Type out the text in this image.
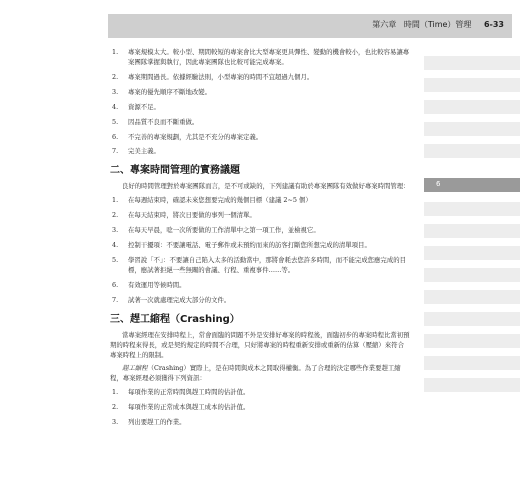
第六章 時間（Time）管理 6-33
6
1. 專案規模太大。較小型、期間較短的專案會比大型專案更具彈性、變動的機會較小，也比較容易讓專案團隊掌握與執行，因此專案團隊也比較可能完成專案。
2. 專案期間過長。依據經驗法則，小型專案的時間不宜超過九個月。
3. 專案的優先順序不斷地改變。
4. 資源不足。
5. 因品質不良而不斷重做。
6. 不完善的專案規劃，尤其是不充分的專案定義。
7. 完美主義。
二、專案時間管理的實務議題

良好的時間管理對於專案團隊而言，是不可或缺的，下列建議有助於專案團隊有效做好專案時間管理：

1. 在每週結束時，確認未來您想要完成的幾個目標（建議 2~5 個）
2. 在每天結束時，將次日要做的事列一個清單。
3. 在每天早晨，唸一次所要做的工作清單中之第一項工作，並檢視它。
4. 控制干擾項：不要讓電話、電子郵件或未預約而來的訪客打斷您所想完成的清單項目。
5. 學習說「不」：不要讓自己陷入太多的活動當中，那將會耗去您許多時間，而不能完成您應完成的目標，應試著拒絕一些無關的會議、行程、重複事件……等。
6. 有效運用等候時間。
7. 試著一次就處理完成大部分的文件。
三、趕工縮程（Crashing）

當專案經理在安排時程上，常會面臨的問題不外是安排好專案的時程後，面臨初步的專案時程比當初預期的時程來得長，或是契約規定的時間不合理，只好將專案的時程重新安排或重新的估算（壓縮）來符合專案時程上的限制。

趕工縮程（Crashing）實際上，是在時間與成本之間取得權衡。為了合理的決定哪些作業要趕工縮程，專案經理必須獲得下列資訊：

1. 每項作業的正常時間與趕工時間的估計值。
2. 每項作業的正常成本與趕工成本的估計值。
3. 列出要趕工的作業。
